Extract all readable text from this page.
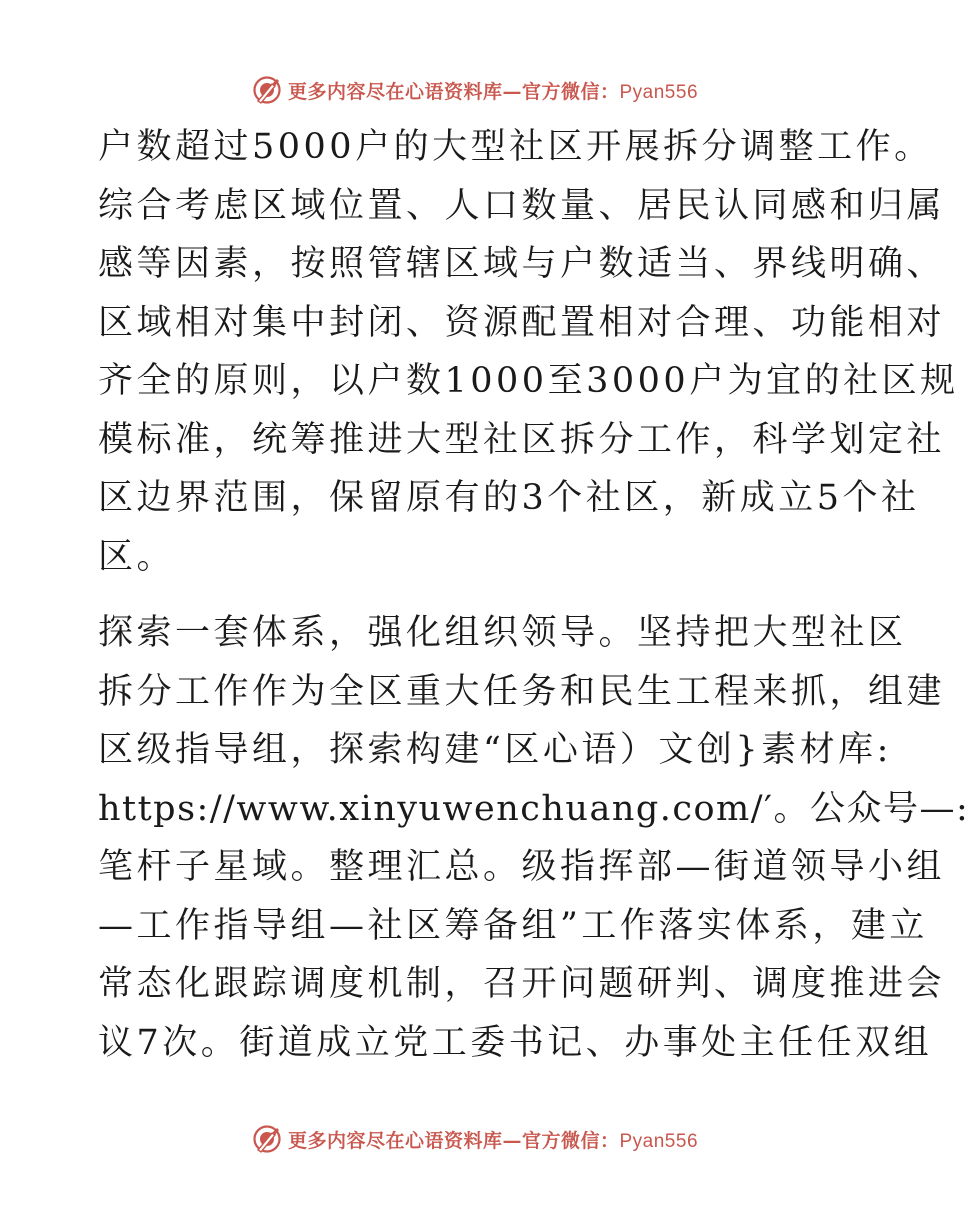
更多内容尽在心语资料库—官方微信：Pyan556
户数超过5000户的大型社区开展拆分调整工作。
综合考虑区域位置、人口数量、居民认同感和归属
感等因素，按照管辖区域与户数适当、界线明确、
区域相对集中封闭、资源配置相对合理、功能相对
齐全的原则，以户数1000至3000户为宜的社区规
模标准，统筹推进大型社区拆分工作，科学划定社
区边界范围，保留原有的3个社区，新成立5个社
区。
探索一套体系，强化组织领导。坚持把大型社区
拆分工作作为全区重大任务和民生工程来抓，组建
区级指导组，探索构建“区心语）文创}素材库:
https://www.xinyuwenchuang.com/′。公众号—:
笔杆子星域。整理汇总。级指挥部—街道领导小组
—工作指导组—社区筹备组”工作落实体系，建立
常态化跟踪调度机制，召开问题研判、调度推进会
议7次。街道成立党工委书记、办事处主任任双组
更多内容尽在心语资料库—官方微信：Pyan556
